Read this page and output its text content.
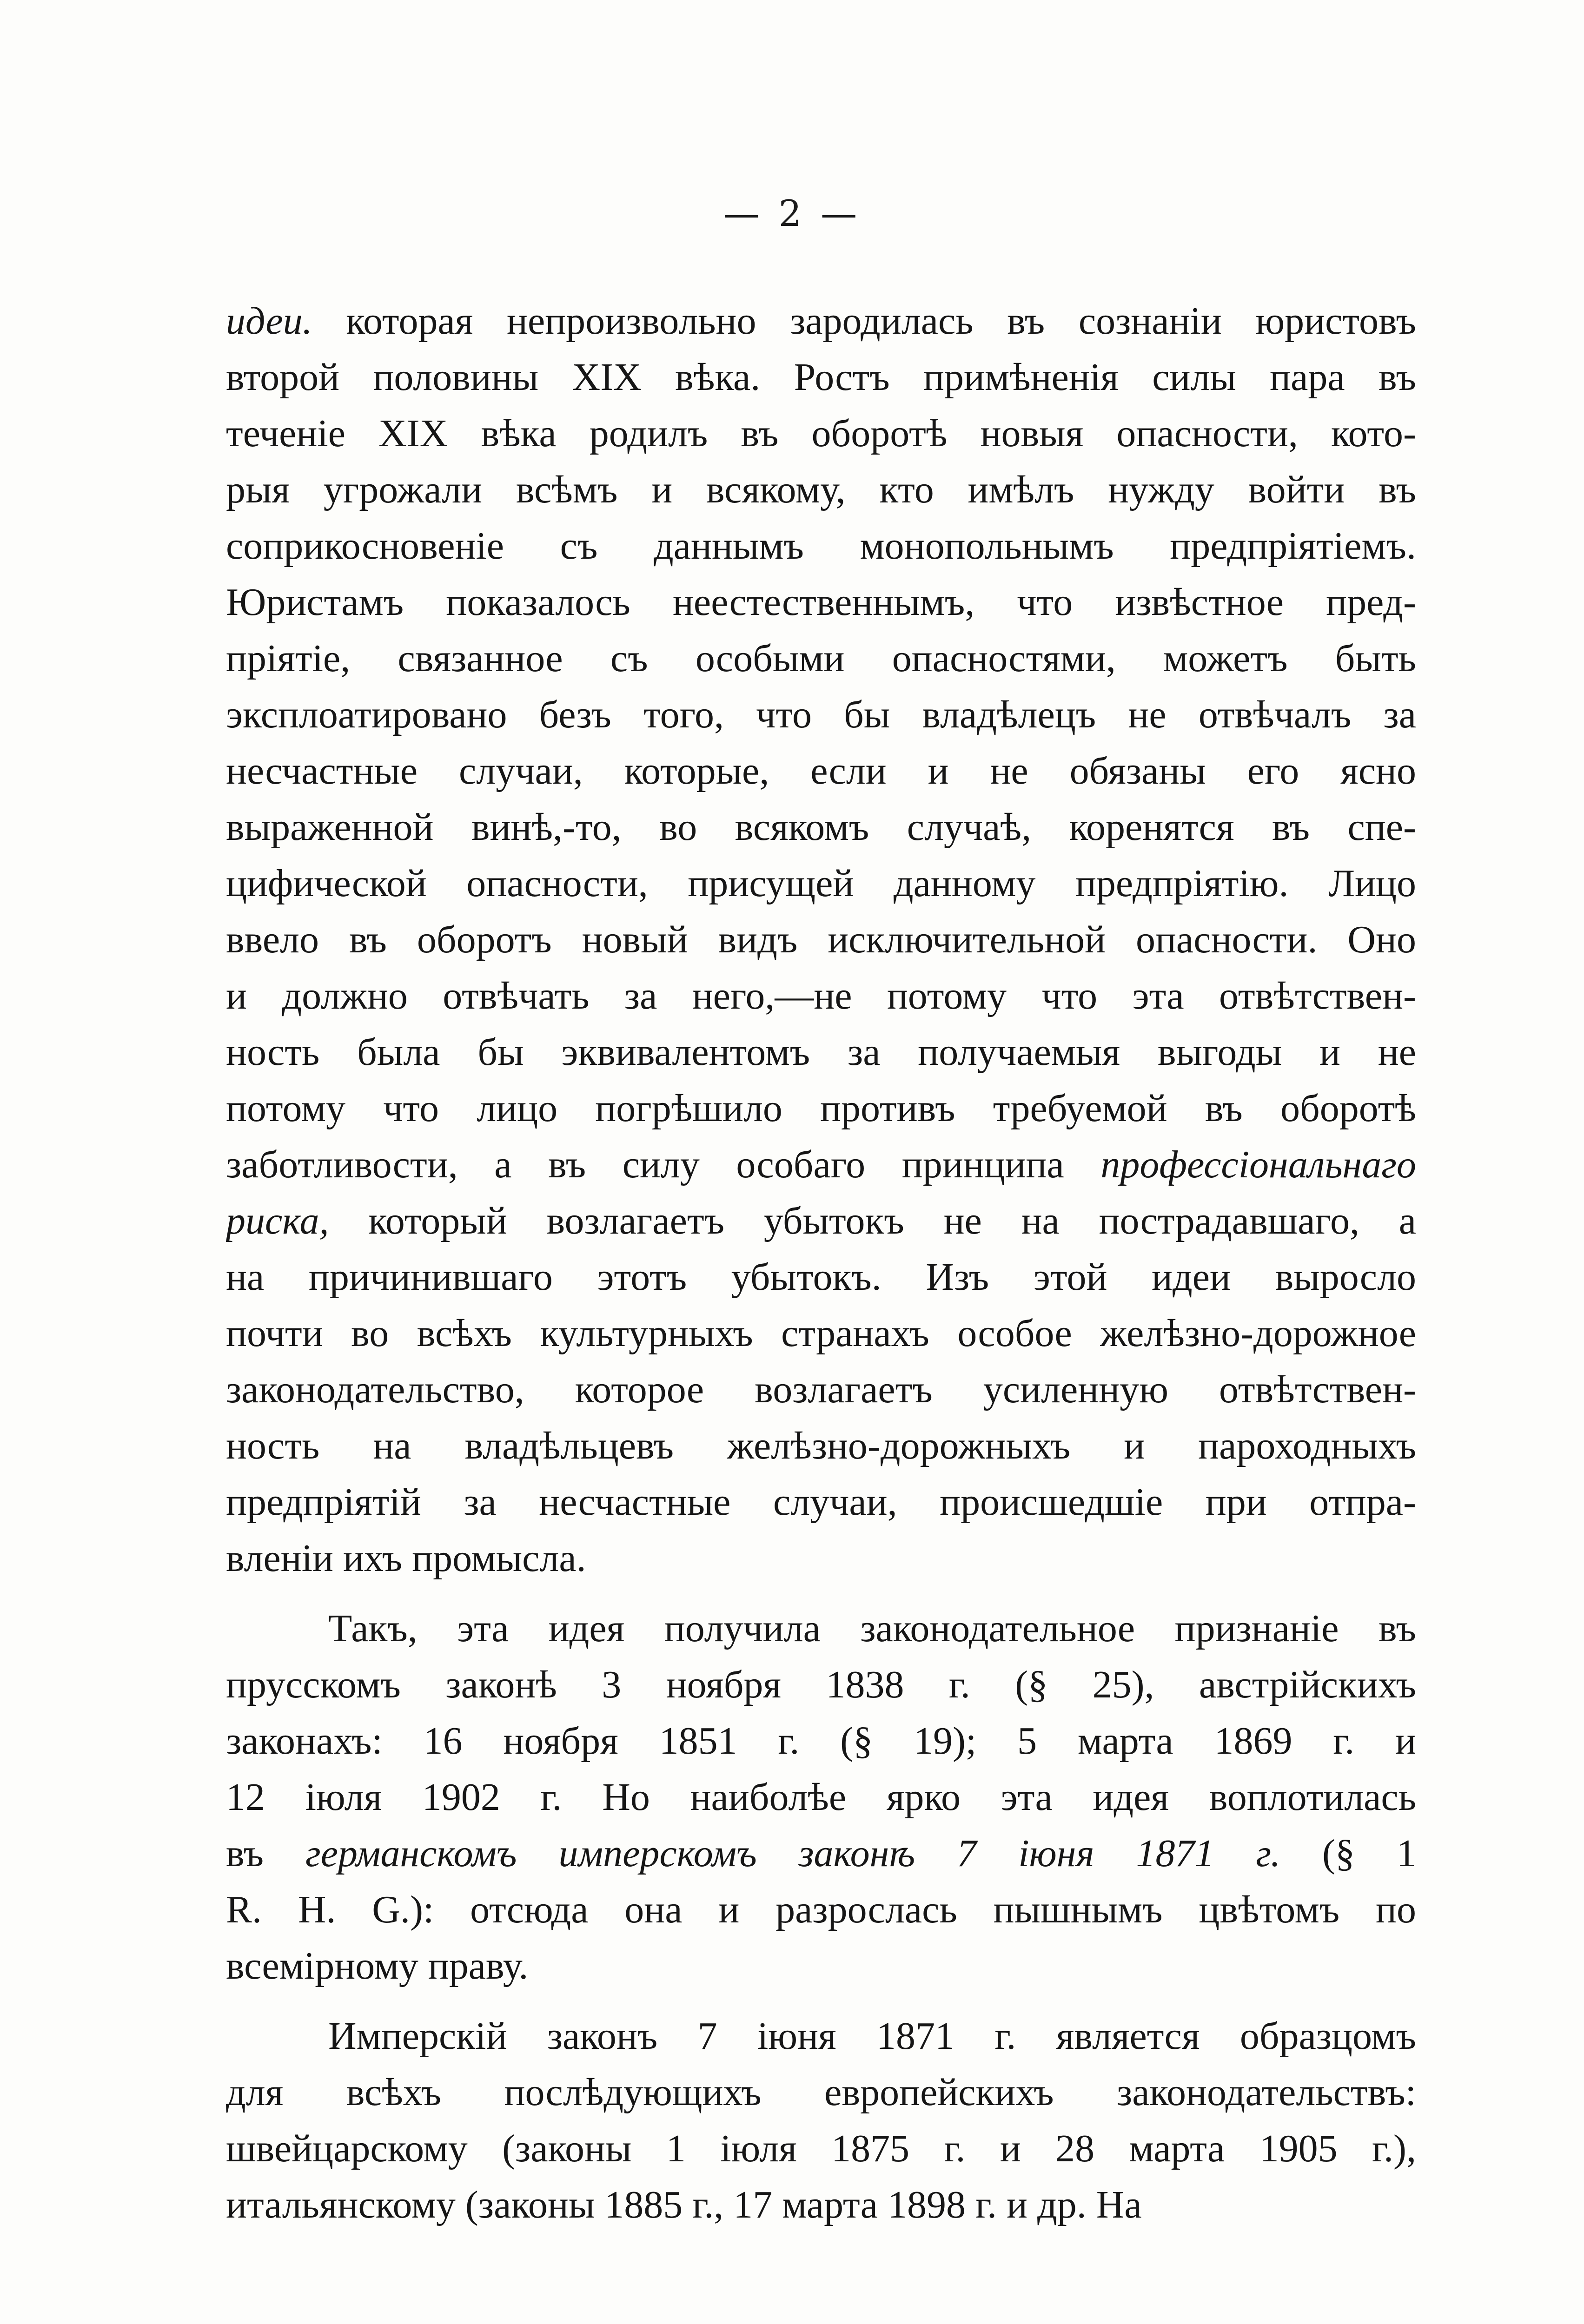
— 2 —
идеи. которая непроизвольно зародилась въ сознанiи юристовъ
второй половины XIX вѣка. Ростъ примѣненiя силы пара въ
теченiе XIX вѣка родилъ въ оборотѣ новыя опасности, кото-
рыя угрожали всѣмъ и всякому, кто имѣлъ нужду войти въ
соприкосновенiе съ даннымъ монопольнымъ предпрiятiемъ.
Юристамъ показалось неестественнымъ, что извѣстное пред-
прiятiе, связанное съ особыми опасностями, можетъ быть
эксплоатировано безъ того, что бы владѣлецъ не отвѣчалъ за
несчастные случаи, которые, если и не обязаны его ясно
выраженной винѣ,-то, во всякомъ случаѣ, коренятся въ спе-
цифической опасности, присущей данному предпрiятiю. Лицо
ввело въ оборотъ новый видъ исключительной опасности. Оно
и должно отвѣчать за него,—не потому что эта отвѣтствен-
ность была бы эквивалентомъ за получаемыя выгоды и не
потому что лицо погрѣшило противъ требуемой въ оборотѣ
заботливости, а въ силу особаго принципа профессiональнаго
риска, который возлагаетъ убытокъ не на пострадавшаго, а
на причинившаго этотъ убытокъ. Изъ этой идеи выросло
почти во всѣхъ культурныхъ странахъ особое желѣзно-дорожное
законодательство, которое возлагаетъ усиленную отвѣтствен-
ность на владѣльцевъ желѣзно-дорожныхъ и пароходныхъ
предпрiятiй за несчастные случаи, происшедшiе при отпра-
вленiи ихъ промысла.
Такъ, эта идея получила законодательное признанiе въ
прусскомъ законѣ 3 ноября 1838 г. (§ 25), австрiйскихъ
законахъ: 16 ноября 1851 г. (§ 19); 5 марта 1869 г. и
12 iюля 1902 г. Но наиболѣе ярко эта идея воплотилась
въ германскомъ имперскомъ законѣ 7 iюня 1871 г. (§ 1
R. H. G.): отсюда она и разрослась пышнымъ цвѣтомъ по
всемiрному праву.
Имперскiй законъ 7 iюня 1871 г. является образцомъ
для всѣхъ послѣдующихъ европейскихъ законодательствъ:
швейцарскому (законы 1 iюля 1875 г. и 28 марта 1905 г.),
итальянскому (законы 1885 г., 17 марта 1898 г. и др. На
